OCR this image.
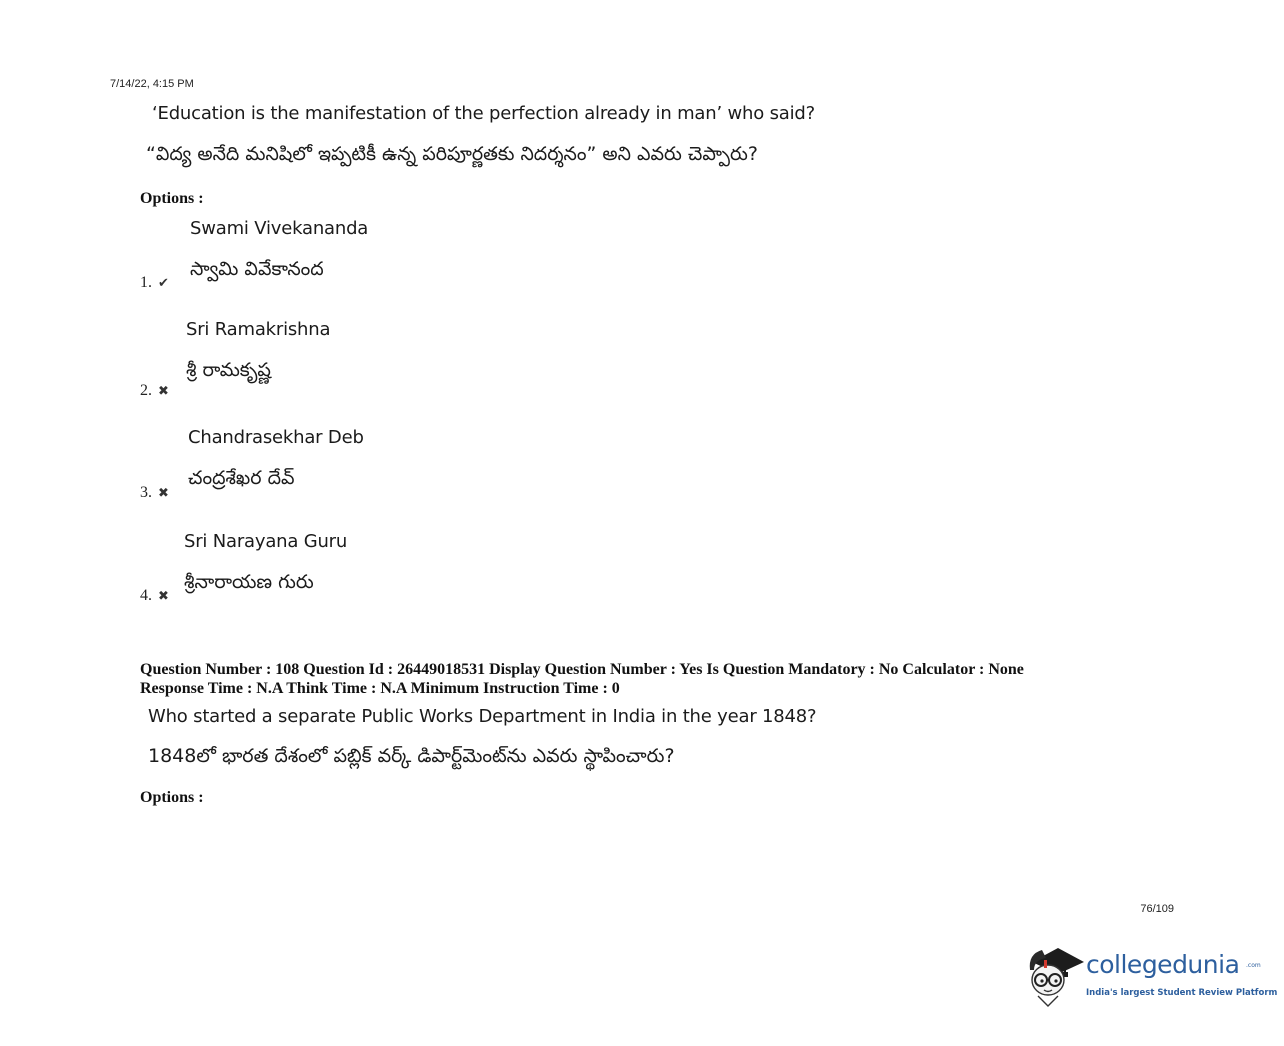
7/14/22, 4:15 PM
‘Education is the manifestation of the perfection already in man’ who said?
“విద్య అనేది మనిషిలో ఇప్పటికీ ఉన్న పరిపూర్ణతకు నిదర్శనం” అని ఎవరు చెప్పారు?
Options :
Swami Vivekananda
స్వామి వివేకానంద
1. ✔
Sri Ramakrishna
శ్రీ రామకృష్ణ
2. ✖
Chandrasekhar Deb
చంద్రశేఖర దేవ్
3. ✖
Sri Narayana Guru
శ్రీనారాయణ గురు
4. ✖
Question Number : 108 Question Id : 26449018531 Display Question Number : Yes Is Question Mandatory : No Calculator : None
Response Time : N.A Think Time : N.A Minimum Instruction Time : 0
Who started a separate Public Works Department in India in the year 1848?
1848లో భారత దేశంలో పబ్లిక్ వర్క్ డిపార్ట్‌మెంట్‌ను ఎవరు స్థాపించారు?
Options :
76/109
collegedunia .com
India's largest Student Review Platform
